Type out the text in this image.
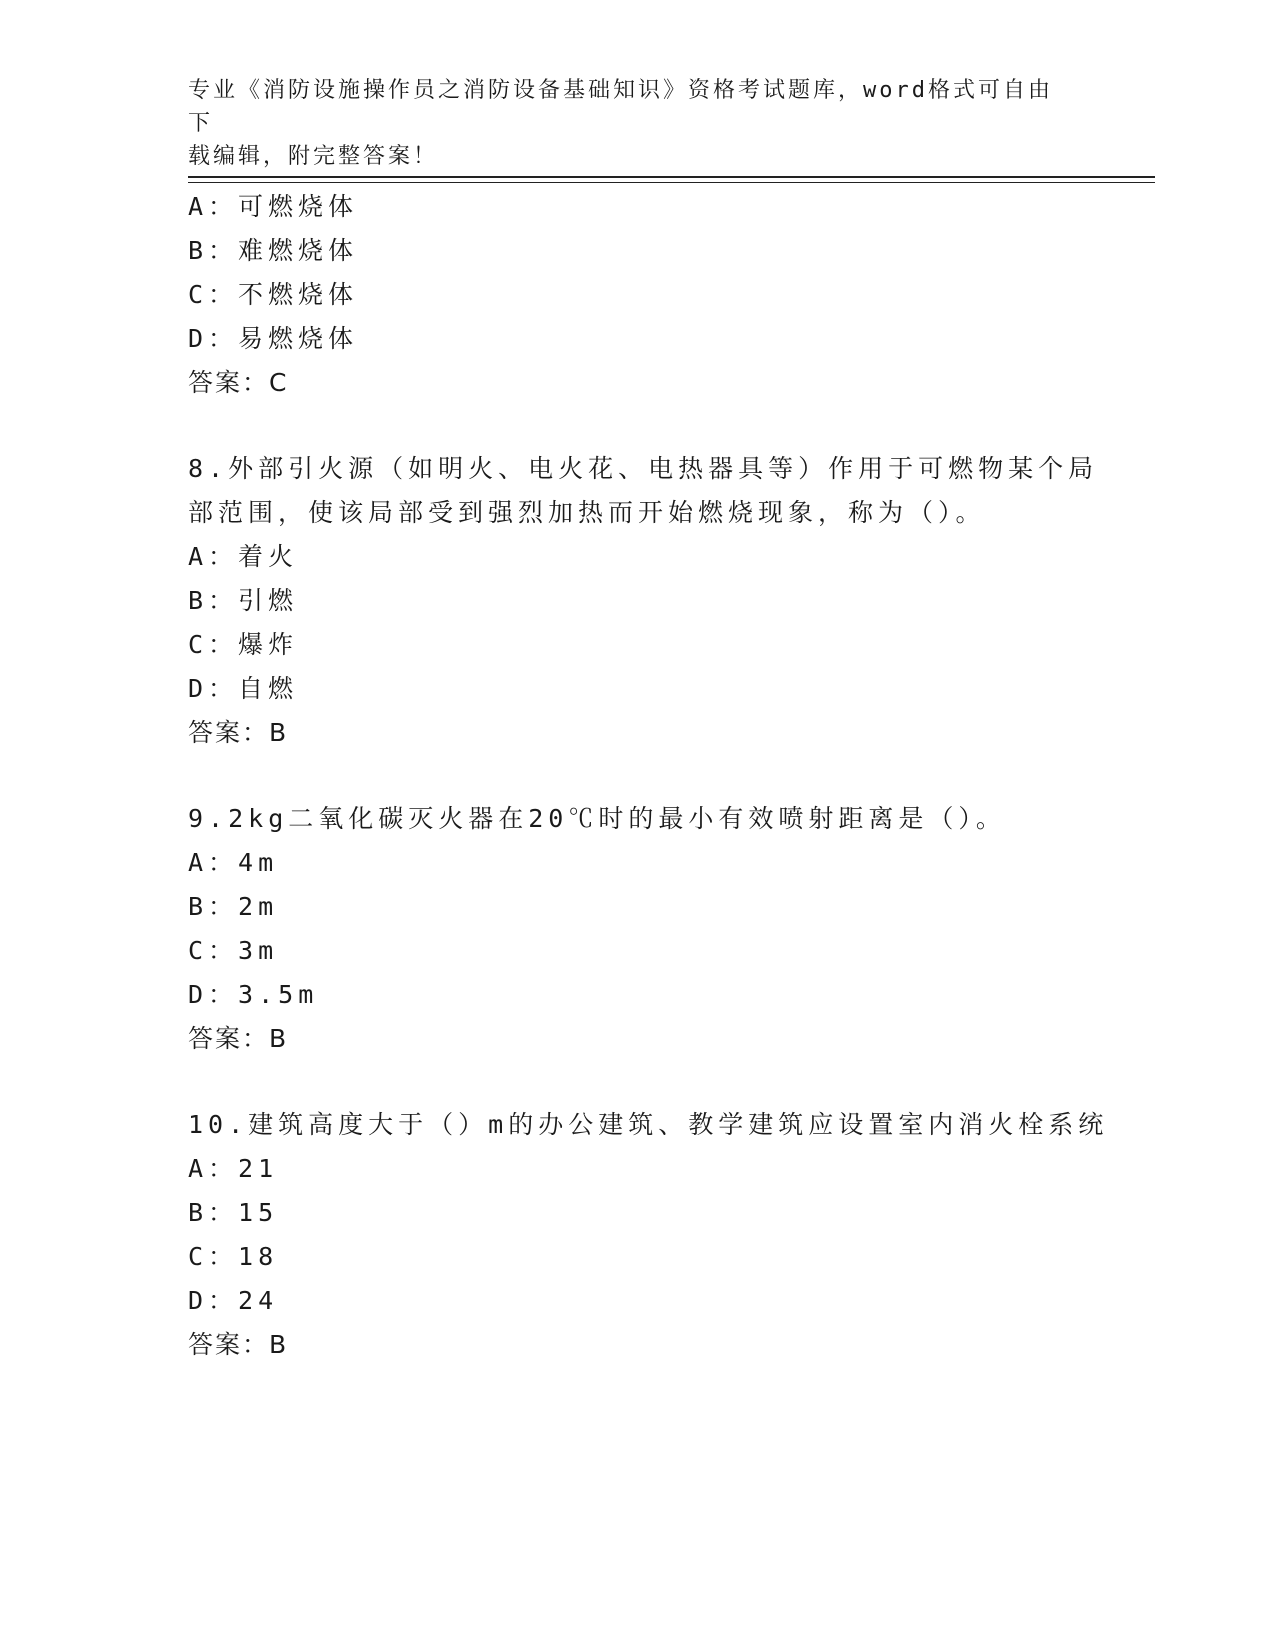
专业《消防设施操作员之消防设备基础知识》资格考试题库，word格式可自由下
载编辑，附完整答案！
A：可燃烧体
B：难燃烧体
C：不燃烧体
D：易燃烧体
答案：C
8.外部引火源（如明火、电火花、电热器具等）作用于可燃物某个局
部范围，使该局部受到强烈加热而开始燃烧现象，称为（）。
A：着火
B：引燃
C：爆炸
D：自燃
答案：B
9.2kg二氧化碳灭火器在20℃时的最小有效喷射距离是（）。
A：4m
B：2m
C：3m
D：3.5m
答案：B
10.建筑高度大于（）m的办公建筑、教学建筑应设置室内消火栓系统
A：21
B：15
C：18
D：24
答案：B
